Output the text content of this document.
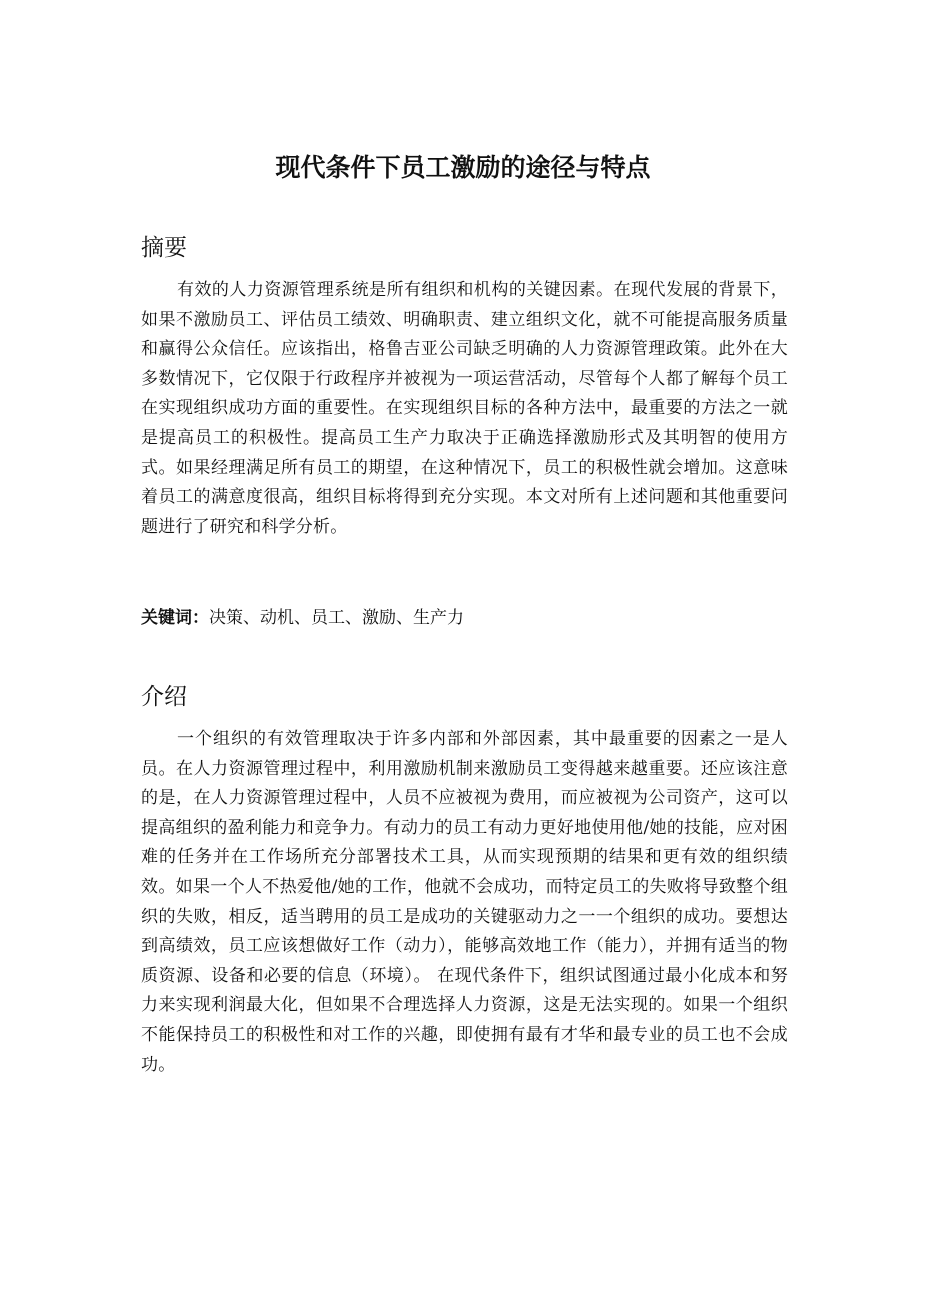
现代条件下员工激励的途径与特点
摘要

有效的人力资源管理系统是所有组织和机构的关键因素。在现代发展的背景下，如果不激励员工、评估员工绩效、明确职责、建立组织文化，就不可能提高服务质量和赢得公众信任。应该指出，格鲁吉亚公司缺乏明确的人力资源管理政策。此外在大多数情况下，它仅限于行政程序并被视为一项运营活动，尽管每个人都了解每个员工在实现组织成功方面的重要性。在实现组织目标的各种方法中，最重要的方法之一就是提高员工的积极性。提高员工生产力取决于正确选择激励形式及其明智的使用方式。如果经理满足所有员工的期望，在这种情况下，员工的积极性就会增加。这意味着员工的满意度很高，组织目标将得到充分实现。本文对所有上述问题和其他重要问题进行了研究和科学分析。

关键词：决策、动机、员工、激励、生产力

介绍

一个组织的有效管理取决于许多内部和外部因素，其中最重要的因素之一是人员。在人力资源管理过程中，利用激励机制来激励员工变得越来越重要。还应该注意的是，在人力资源管理过程中，人员不应被视为费用，而应被视为公司资产，这可以提高组织的盈利能力和竞争力。有动力的员工有动力更好地使用他/她的技能，应对困难的任务并在工作场所充分部署技术工具，从而实现预期的结果和更有效的组织绩效。如果一个人不热爱他/她的工作，他就不会成功，而特定员工的失败将导致整个组织的失败，相反，适当聘用的员工是成功的关键驱动力之一一个组织的成功。要想达到高绩效，员工应该想做好工作（动力），能够高效地工作（能力），并拥有适当的物质资源、设备和必要的信息（环境）。 在现代条件下，组织试图通过最小化成本和努力来实现利润最大化，但如果不合理选择人力资源，这是无法实现的。如果一个组织不能保持员工的积极性和对工作的兴趣，即使拥有最有才华和最专业的员工也不会成功。
